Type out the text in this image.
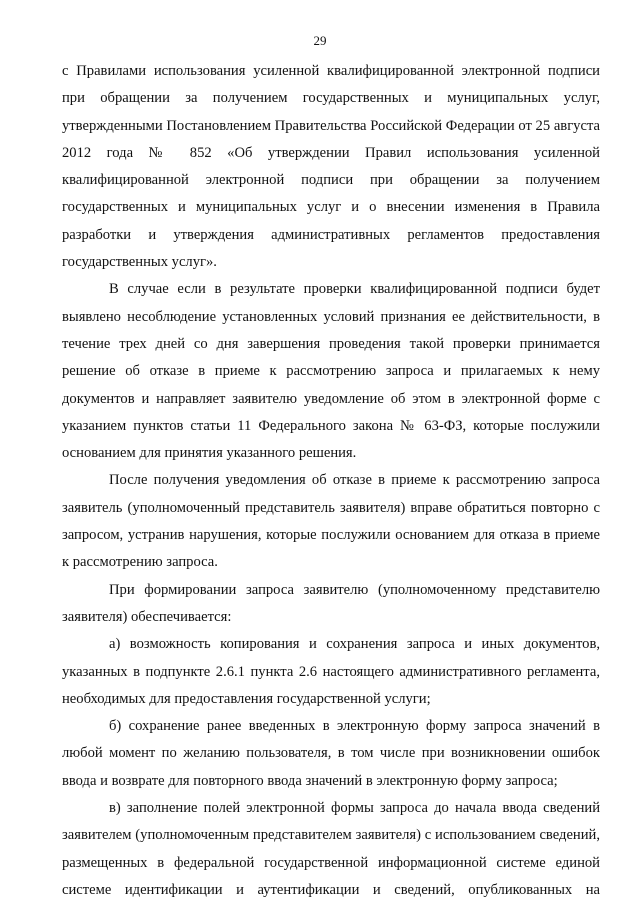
29

с Правилами использования усиленной квалифицированной электронной подписи при обращении за получением государственных и муниципальных услуг, утвержденными Постановлением Правительства Российской Федерации от 25 августа 2012 года № 852 «Об утверждении Правил использования усиленной квалифицированной электронной подписи при обращении за получением государственных и муниципальных услуг и о внесении изменения в Правила разработки и утверждения административных регламентов предоставления государственных услуг».

В случае если в результате проверки квалифицированной подписи будет выявлено несоблюдение установленных условий признания ее действительности, в течение трех дней со дня завершения проведения такой проверки принимается решение об отказе в приеме к рассмотрению запроса и прилагаемых к нему документов и направляет заявителю уведомление об этом в электронной форме с указанием пунктов статьи 11 Федерального закона № 63-ФЗ, которые послужили основанием для принятия указанного решения.

После получения уведомления об отказе в приеме к рассмотрению запроса заявитель (уполномоченный представитель заявителя) вправе обратиться повторно с запросом, устранив нарушения, которые послужили основанием для отказа в приеме к рассмотрению запроса.

При формировании запроса заявителю (уполномоченному представителю заявителя) обеспечивается:

а) возможность копирования и сохранения запроса и иных документов, указанных в подпункте 2.6.1 пункта 2.6 настоящего административного регламента, необходимых для предоставления государственной услуги;

б) сохранение ранее введенных в электронную форму запроса значений в любой момент по желанию пользователя, в том числе при возникновении ошибок ввода и возврате для повторного ввода значений в электронную форму запроса;

в) заполнение полей электронной формы запроса до начала ввода сведений заявителем (уполномоченным представителем заявителя) с использованием сведений, размещенных в федеральной государственной информационной системе единой системе идентификации и аутентификации и сведений, опубликованных на
